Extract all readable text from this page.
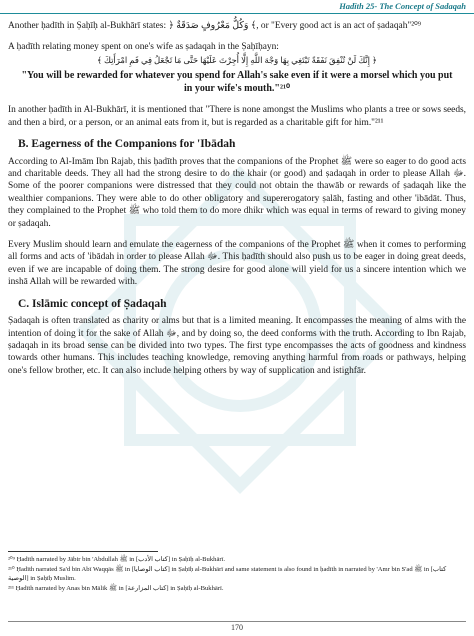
Hadīth 25- The Concept of Sadaqah

Another ḥadīth in Ṣaḥīḥ al-Bukhārī states: ﴿ وَكُلُّ مَعْرُوفٍ صَدَقَةٌ ﴾, or "Every good act is an act of ṣadaqah"²⁰⁹

A ḥadīth relating money spent on one's wife as ṣadaqah in the Ṣaḥīḥayn:

﴿ إِنَّكَ لَنْ تُنْفِقَ نَفَقَةً تَبْتَغِي بِهَا وَجْهَ اللَّهِ إِلَّا أُجِرْتَ عَلَيْهَا حَتَّى مَا تَجْعَلُ فِي فَمِ امْرَأَتِكَ ﴾
"You will be rewarded for whatever you spend for Allah's sake even if it were a morsel which you put in your wife's mouth."²¹⁰

In another ḥadīth in Al-Bukhārī, it is mentioned that "There is none amongst the Muslims who plants a tree or sows seeds, and then a bird, or a person, or an animal eats from it, but is regarded as a charitable gift for him."²¹¹

B. Eagerness of the Companions for 'Ibādah

According to Al-Imām Ibn Rajab, this ḥadīth proves that the companions of the Prophet ﷺ were so eager to do good acts and charitable deeds. They all had the strong desire to do the khair (or good) and ṣadaqah in order to please Allah ﷻ. Some of the poorer companions were distressed that they could not obtain the thawāb or rewards of ṣadaqah like the wealthier companions. They were able to do other obligatory and supererogatory ṣalāh, fasting and other 'ibādāt. Thus, they complained to the Prophet ﷺ who told them to do more dhikr which was equal in terms of reward to giving money or ṣadaqah.

Every Muslim should learn and emulate the eagerness of the companions of the Prophet ﷺ when it comes to performing all forms and acts of 'ibādah in order to please Allah ﷻ. This ḥadīth should also push us to be eager in doing great deeds, even if we are incapable of doing them. The strong desire for good alone will yield for us a sincere intention which we inshā Allah will be rewarded with.

C. Islāmic concept of Ṣadaqah

Ṣadaqah is often translated as charity or alms but that is a limited meaning. It encompasses the meaning of alms with the intention of doing it for the sake of Allah ﷻ, and by doing so, the deed conforms with the truth. According to Ibn Rajab, ṣadaqah in its broad sense can be divided into two types. The first type encompasses the acts of goodness and kindness towards other humans. This includes teaching knowledge, removing anything harmful from roads or pathways, helping one's fellow brother, etc. It can also include helping others by way of supplication and istighfār.

²⁰⁹ Ḥadīth narrated by Jābir bin 'Abdullah ﷺ in [كتاب الأدب] in Ṣaḥīḥ al-Bukhārī.
²¹⁰ Ḥadīth narrated Sa'd bin Abī Waqqās ﷺ in [كتاب الوصايا] in Ṣaḥīḥ al-Bukhārī and same statement is also found in ḥadīth in narrated by 'Amr bin S'ad ﷺ in [كتاب الوصية] in Ṣaḥīḥ Muslim.
²¹¹ Ḥadīth narrated by Anas bin Mālik ﷺ in [كتاب المزارعة] in Ṣaḥīḥ al-Bukhārī.
170
